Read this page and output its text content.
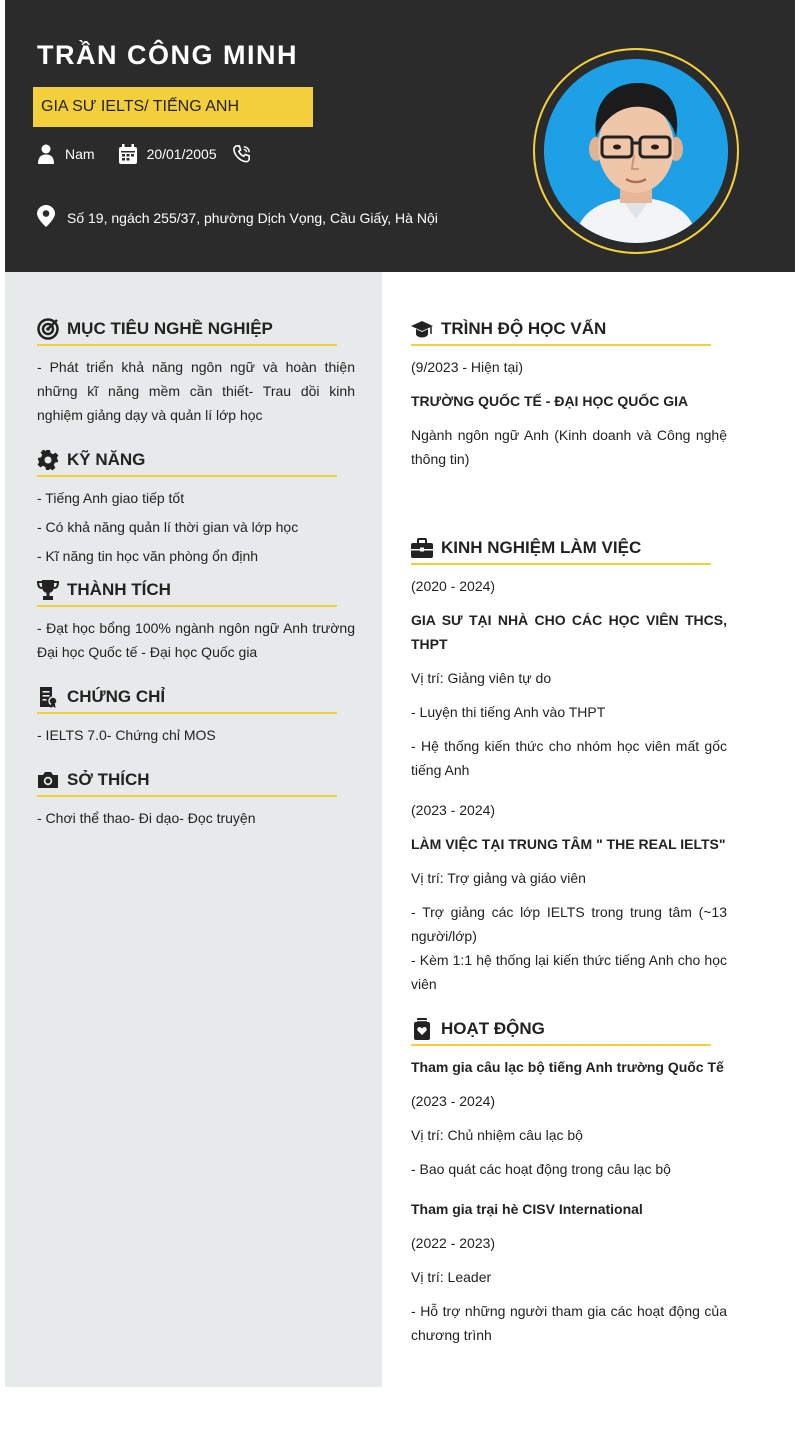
TRẦN CÔNG MINH
GIA SƯ IELTS/ TIẾNG ANH
Nam	20/01/2005
Số 19, ngách 255/37, phường Dịch Vọng, Cầu Giấy, Hà Nội
MỤC TIÊU NGHỀ NGHIỆP

- Phát triển khả năng ngôn ngữ và hoàn thiện những kĩ năng mềm cần thiết- Trau dồi kinh nghiệm giảng dạy và quản lí lớp học

KỸ NĂNG

- Tiếng Anh giao tiếp tốt

- Có khả năng quản lí thời gian và lớp học

- Kĩ năng tin học văn phòng ổn định

THÀNH TÍCH

- Đạt học bổng 100% ngành ngôn ngữ Anh trường Đại học Quốc tế - Đại học Quốc gia

CHỨNG CHỈ

- IELTS 7.0- Chứng chỉ MOS

SỞ THÍCH

- Chơi thể thao- Đi dạo- Đọc truyện

TRÌNH ĐỘ HỌC VẤN

(9/2023 - Hiện tại)

TRƯỜNG QUỐC TẾ - ĐẠI HỌC QUỐC GIA

Ngành ngôn ngữ Anh (Kinh doanh và Công nghệ thông tin)

KINH NGHIỆM LÀM VIỆC

(2020 - 2024)

GIA SƯ TẠI NHÀ CHO CÁC HỌC VIÊN THCS, THPT

Vị trí: Giảng viên tự do

- Luyện thi tiếng Anh vào THPT

- Hệ thống kiến thức cho nhóm học viên mất gốc tiếng Anh

(2023 - 2024)

LÀM VIỆC TẠI TRUNG TÂM " THE REAL IELTS"

Vị trí: Trợ giảng và giáo viên

- Trợ giảng các lớp IELTS trong trung tâm (~13 người/lớp)

- Kèm 1:1 hệ thống lại kiến thức tiếng Anh cho học viên

HOẠT ĐỘNG

Tham gia câu lạc bộ tiếng Anh trường Quốc Tế

(2023 - 2024)

Vị trí: Chủ nhiệm câu lạc bộ

- Bao quát các hoạt động trong câu lạc bộ

Tham gia trại hè CISV International

(2022 - 2023)

Vị trí: Leader

- Hỗ trợ những người tham gia các hoạt động của chương trình
